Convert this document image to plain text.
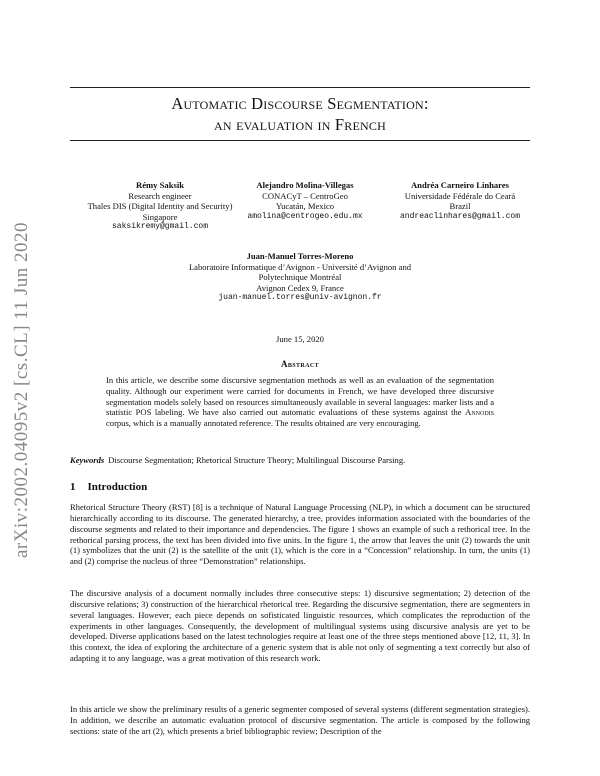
arXiv:2002.04095v2 [cs.CL] 11 Jun 2020
Automatic Discourse Segmentation:
an evaluation in French
Rémy Saksik
Research engineer
Thales DIS (Digital Identity and Security)
Singapore
saksikremy@gmail.com
Alejandro Molina-Villegas
CONACyT – CentroGeo
Yucatán, Mexico
amolina@centrogeo.edu.mx
Andréa Carneiro Linhares
Universidade Fédérale do Ceará
Brazil
andreaclinhares@gmail.com
Juan-Manuel Torres-Moreno
Laboratoire Informatique d’Avignon - Université d’Avignon and
Polytechnique Montréal
Avignon Cedex 9, France
juan-manuel.torres@univ-avignon.fr
June 15, 2020
Abstract

In this article, we describe some discursive segmentation methods as well as an evaluation of the segmentation quality. Although our experiment were carried for documents in French, we have developed three discursive segmentation models solely based on resources simultaneously available in several languages: marker lists and a statistic POS labeling. We have also carried out automatic evaluations of these systems against the Annodis corpus, which is a manually annotated reference. The results obtained are very encouraging.

Keywords Discourse Segmentation; Rhetorical Structure Theory; Multilingual Discourse Parsing.
1 Introduction

Rhetorical Structure Theory (RST) [8] is a technique of Natural Language Processing (NLP), in which a document can be structured hierarchically according to its discourse. The generated hierarchy, a tree, provides information associated with the boundaries of the discourse segments and related to their importance and dependencies. The figure 1 shows an example of such a rethorical tree. In the rethorical parsing process, the text has been divided into five units. In the figure 1, the arrow that leaves the unit (2) towards the unit (1) symbolizes that the unit (2) is the satellite of the unit (1), which is the core in a “Concession” relationship. In turn, the units (1) and (2) comprise the nucleus of three “Demonstration” relationships.

The discursive analysis of a document normally includes three consecutive steps: 1) discursive segmentation; 2) detection of the discursive relations; 3) construction of the hierarchical rhetorical tree. Regarding the discursive segmentation, there are segmenters in several languages. However, each piece depends on sofisticated linguistic resources, which complicates the reproduction of the experiments in other languages. Consequently, the development of multilingual systems using discursive analysis are yet to be developed. Diverse applications based on the latest technologies require at least one of the three steps mentioned above [12, 11, 3]. In this context, the idea of exploring the architecture of a generic system that is able not only of segmenting a text correctly but also of adapting it to any language, was a great motivation of this research work.

In this article we show the preliminary results of a generic segmenter composed of several systems (different segmentation strategies). In addition, we describe an automatic evaluation protocol of discursive segmentation. The article is composed by the following sections: state of the art (2), which presents a brief bibliographic review; Description of the
